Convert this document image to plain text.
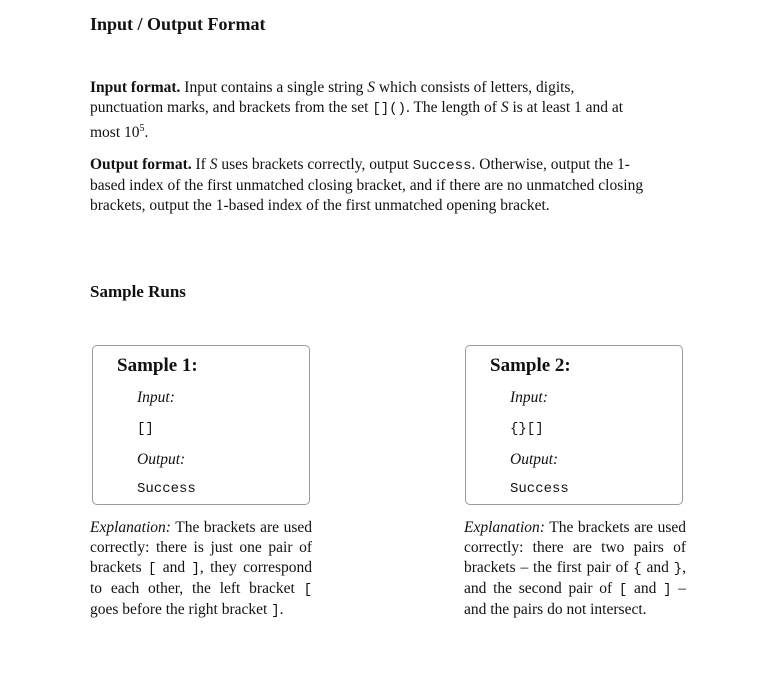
Input / Output Format
Input format. Input contains a single string S which consists of letters, digits, punctuation marks, and brackets from the set [](). The length of S is at least 1 and at most $10^5$.
Output format. If S uses brackets correctly, output Success. Otherwise, output the 1-based index of the first unmatched closing bracket, and if there are no unmatched closing brackets, output the 1-based index of the first unmatched opening bracket.
Sample Runs
Sample 1:
Input:
[]
Output:
Success
Explanation: The brackets are used correctly: there is just one pair of brackets [ and ], they correspond to each other, the left bracket [ goes before the right bracket ].
Sample 2:
Input:
{}[]
Output:
Success
Explanation: The brackets are used correctly: there are two pairs of brackets – the first pair of { and }, and the second pair of [ and ] – and the pairs do not intersect.
